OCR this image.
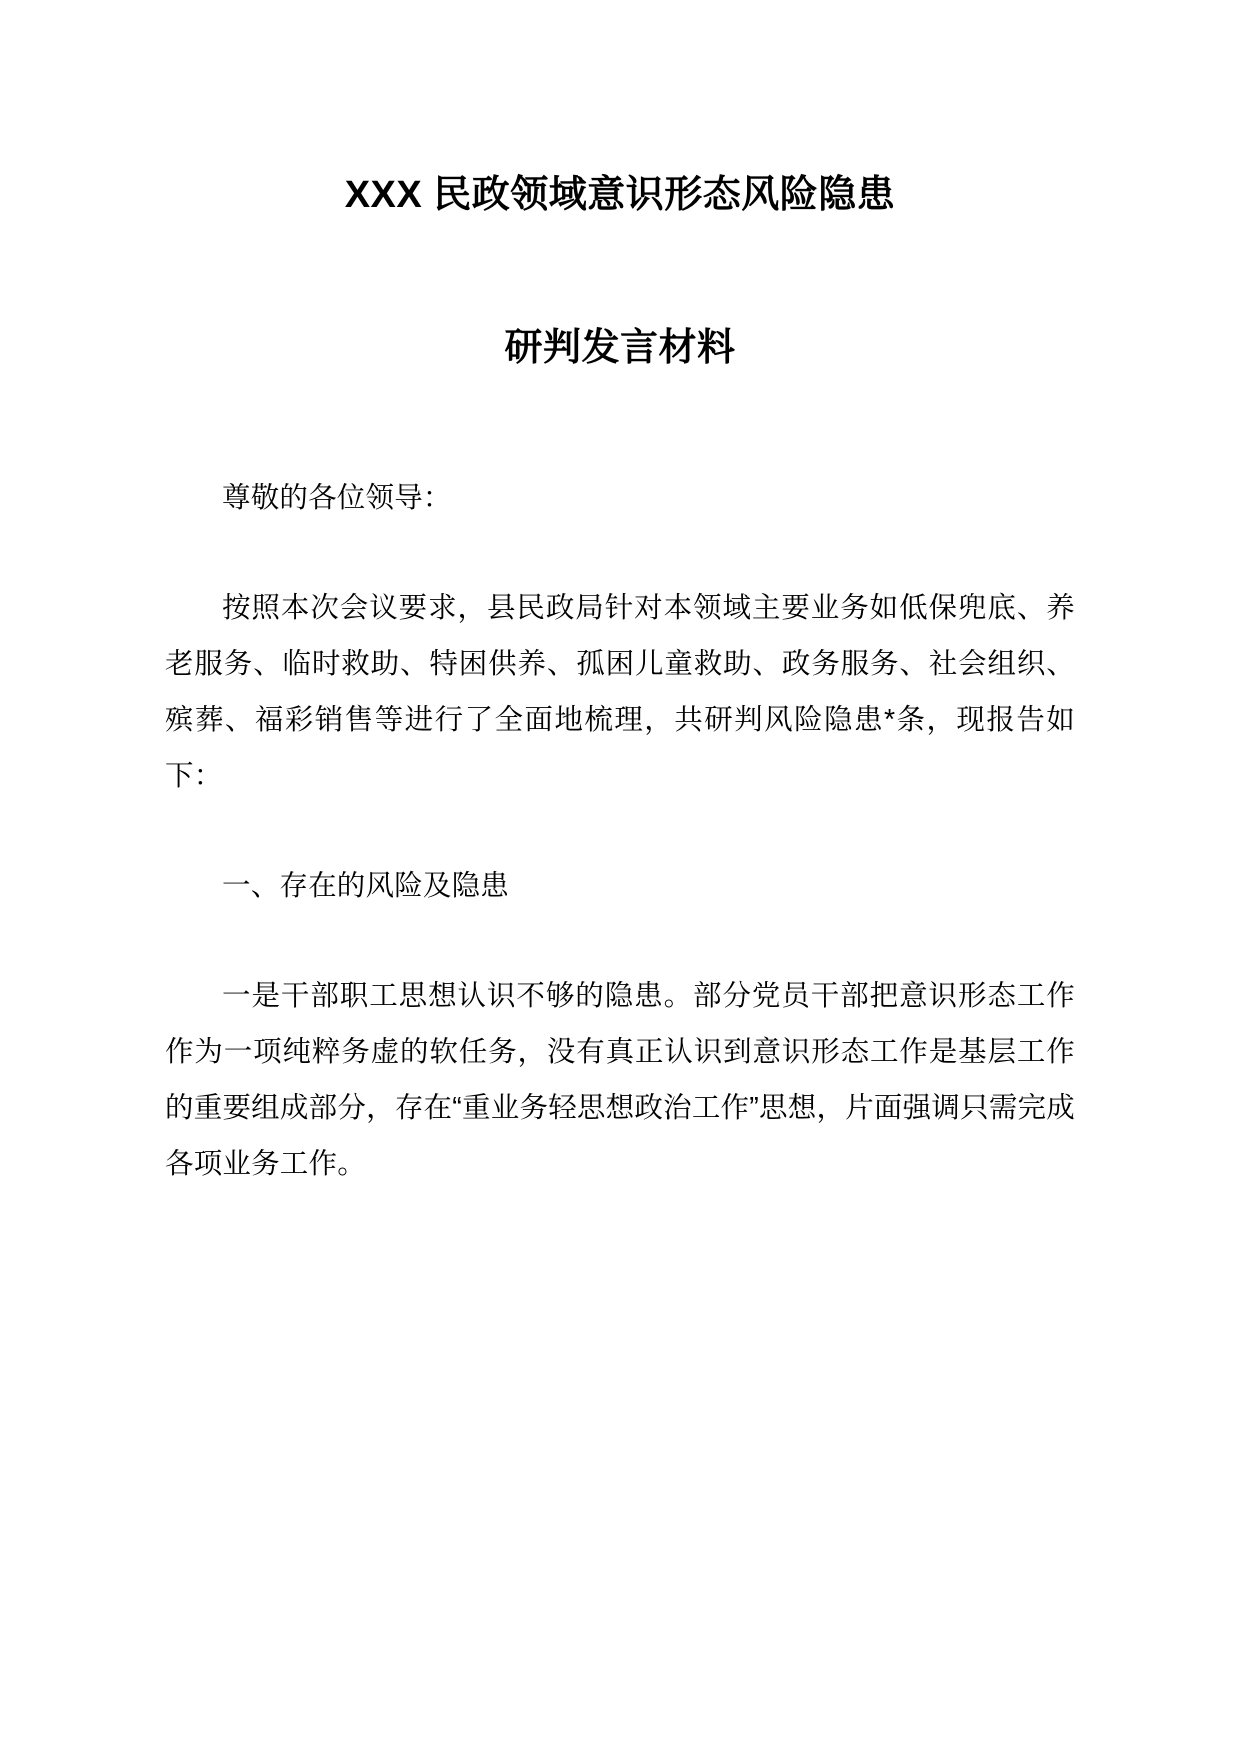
XXX 民政领域意识形态风险隐患
研判发言材料

尊敬的各位领导：

按照本次会议要求，县民政局针对本领域主要业务如低保兜底、养老服务、临时救助、特困供养、孤困儿童救助、政务服务、社会组织、殡葬、福彩销售等进行了全面地梳理，共研判风险隐患*条，现报告如下：

一、存在的风险及隐患

一是干部职工思想认识不够的隐患。部分党员干部把意识形态工作作为一项纯粹务虚的软任务，没有真正认识到意识形态工作是基层工作的重要组成部分，存在“重业务轻思想政治工作”思想，片面强调只需完成各项业务工作。
